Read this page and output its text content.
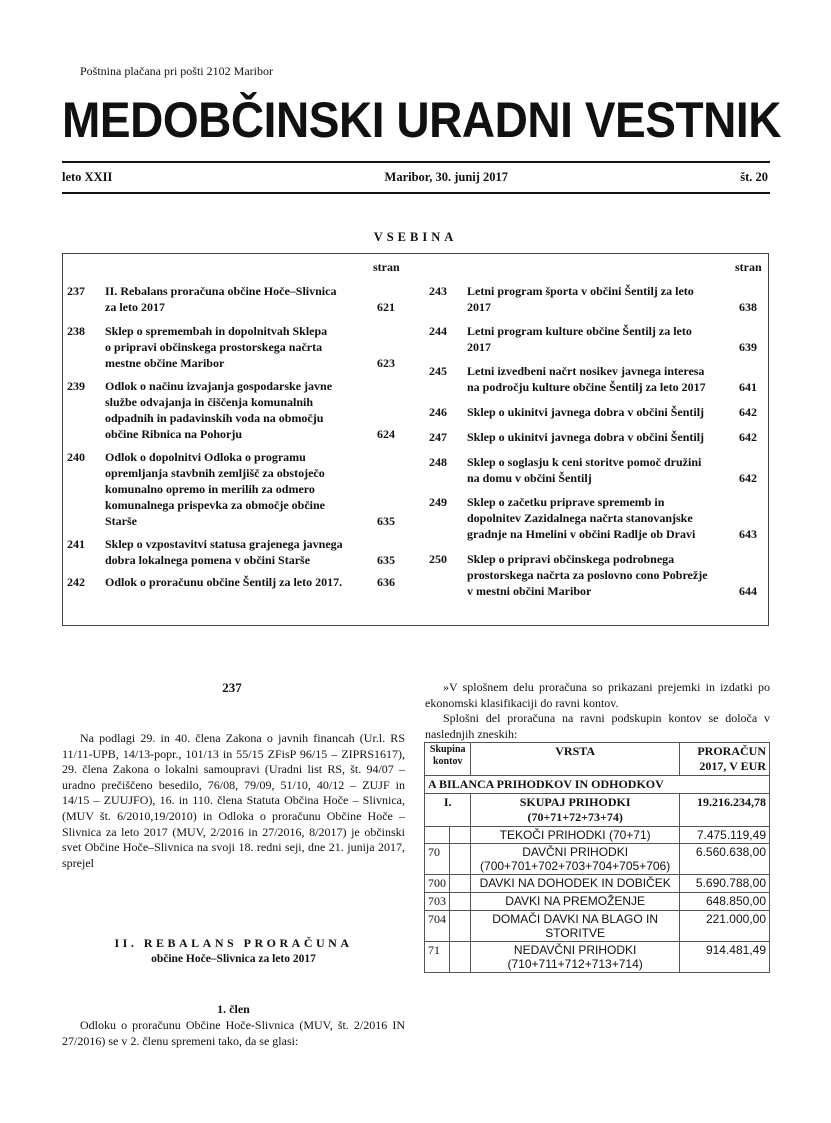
Poštnina plačana pri pošti 2102 Maribor
MEDOBČINSKI URADNI VESTNIK
leto XXII	Maribor, 30. junij 2017	št. 20
VSEBINA
stran
237	II. Rebalans proračuna občine Hoče–Slivnica
za leto 2017	621
238	Sklep o spremembah in dopolnitvah Sklepa
o pripravi občinskega prostorskega načrta
mestne občine Maribor	623
239	Odlok o načinu izvajanja gospodarske javne
službe odvajanja in čiščenja komunalnih
odpadnih in padavinskih voda na območju
občine Ribnica na Pohorju	624
240	Odlok o dopolnitvi Odloka o programu
opremljanja stavbnih zemljišč za obstoječo
komunalno opremo in merilih za odmero
komunalnega prispevka za območje občine
Starše	635
241	Sklep o vzpostavitvi statusa grajenega javnega
dobra lokalnega pomena v občini Starše	635
242	Odlok o proračunu občine Šentilj za leto 2017.	636
stran
243	Letni program športa v občini Šentilj za leto
2017	638
244	Letni program kulture občine Šentilj za leto
2017	639
245	Letni izvedbeni načrt nosikev javnega interesa
na področju kulture občine Šentilj za leto 2017	641
246	Sklep o ukinitvi javnega dobra v občini Šentilj	642
247	Sklep o ukinitvi javnega dobra v občini Šentilj	642
248	Sklep o soglasju k ceni storitve pomoč družini
na domu v občini Šentilj	642
249	Sklep o začetku priprave sprememb in
dopolnitev Zazidalnega načrta stanovanjske
gradnje na Hmelini v občini Radlje ob Dravi	643
250	Sklep o pripravi občinskega podrobnega
prostorskega načrta za poslovno cono Pobrežje
v mestni občini Maribor	644
237
Na podlagi 29. in 40. člena Zakona o javnih financah (Ur.l. RS 11/11-UPB, 14/13-popr., 101/13 in 55/15 ZFisP 96/15 – ZIPRS1617), 29. člena Zakona o lokalni samoupravi (Uradni list RS, št. 94/07 – uradno prečiščeno besedilo, 76/08, 79/09, 51/10, 40/12 – ZUJF in 14/15 – ZUUJFO), 16. in 110. člena Statuta Občina Hoče – Slivnica, (MUV št. 6/2010,19/2010) in Odloka o proračunu Občine Hoče – Slivnica za leto 2017 (MUV, 2/2016 in 27/2016, 8/2017) je občinski svet Občine Hoče–Slivnica na svoji 18. redni seji, dne 21. junija 2017, sprejel
II. REBALANS PRORAČUNA
občine Hoče–Slivnica za leto 2017
1. člen
Odloku o proračunu Občine Hoče-Slivnica (MUV, št. 2/2016 IN 27/2016) se v 2. členu spremeni tako, da se glasi:
»V splošnem delu proračuna so prikazani prejemki in izdatki po ekonomski klasifikaciji do ravni kontov.
Splošni del proračuna na ravni podskupin kontov se določa v naslednjih zneskih:
Skupina kontov		VRSTA	PRORAČUN 2017, V EUR
A BILANCA PRIHODKOV IN ODHODKOV			
I.		SKUPAJ PRIHODKI (70+71+72+73+74)	19.216.234,78
		TEKOČI PRIHODKI (70+71)	7.475.119,49
70		DAVČNI PRIHODKI (700+701+702+703+704+705+706)	6.560.638,00
700		DAVKI NA DOHODEK IN DOBIČEK	5.690.788,00
703		DAVKI NA PREMOŽENJE	648.850,00
704		DOMAČI DAVKI NA BLAGO IN STORITVE	221.000,00
71		NEDAVČNI PRIHODKI (710+711+712+713+714)	914.481,49
